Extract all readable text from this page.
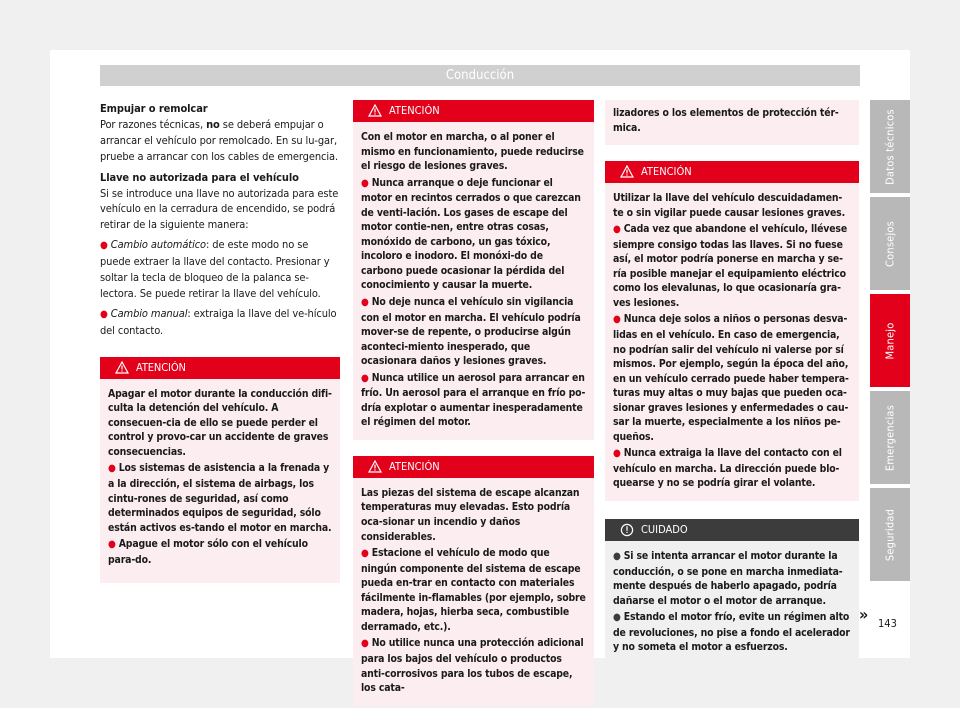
Conducción

Empujar o remolcar

Por razones técnicas, no se deberá empujar o arrancar el vehículo por remolcado. En su lu-gar, pruebe a arrancar con los cables de emergencia.

Llave no autorizada para el vehículo

Si se introduce una llave no autorizada para este vehículo en la cerradura de encendido, se podrá retirar de la siguiente manera:

● Cambio automático: de este modo no se puede extraer la llave del contacto. Presionar y soltar la tecla de bloqueo de la palanca se-lectora. Se puede retirar la llave del vehículo.

● Cambio manual: extraiga la llave del ve-hículo del contacto.

ATENCIÓN

Apagar el motor durante la conducción difi-culta la detención del vehículo. A consecuen-cia de ello se puede perder el control y provo-car un accidente de graves consecuencias.

● Los sistemas de asistencia a la frenada y a la dirección, el sistema de airbags, los cintu-rones de seguridad, así como determinados equipos de seguridad, sólo están activos es-tando el motor en marcha.

● Apague el motor sólo con el vehículo para-do.

ATENCIÓN

Con el motor en marcha, o al poner el mismo en funcionamiento, puede reducirse el riesgo de lesiones graves.

● Nunca arranque o deje funcionar el motor en recintos cerrados o que carezcan de venti-lación. Los gases de escape del motor contie-nen, entre otras cosas, monóxido de carbono, un gas tóxico, incoloro e inodoro. El monóxi-do de carbono puede ocasionar la pérdida del conocimiento y causar la muerte.

● No deje nunca el vehículo sin vigilancia con el motor en marcha. El vehículo podría mover-se de repente, o producirse algún aconteci-miento inesperado, que ocasionara daños y lesiones graves.

● Nunca utilice un aerosol para arrancar en frío. Un aerosol para el arranque en frío po-dría explotar o aumentar inesperadamente el régimen del motor.

ATENCIÓN

Las piezas del sistema de escape alcanzan temperaturas muy elevadas. Esto podría oca-sionar un incendio y daños considerables.

● Estacione el vehículo de modo que ningún componente del sistema de escape pueda en-trar en contacto con materiales fácilmente in-flamables (por ejemplo, sobre madera, hojas, hierba seca, combustible derramado, etc.).

● No utilice nunca una protección adicional para los bajos del vehículo o productos anti-corrosivos para los tubos de escape, los cata-

lizadores o los elementos de protección tér-mica.

ATENCIÓN

Utilizar la llave del vehículo descuidadamen-te o sin vigilar puede causar lesiones graves.

● Cada vez que abandone el vehículo, llévese siempre consigo todas las llaves. Si no fuese así, el motor podría ponerse en marcha y se-ría posible manejar el equipamiento eléctrico como los elevalunas, lo que ocasionaría gra-ves lesiones.

● Nunca deje solos a niños o personas desva-lidas en el vehículo. En caso de emergencia, no podrían salir del vehículo ni valerse por sí mismos. Por ejemplo, según la época del año, en un vehículo cerrado puede haber tempera-turas muy altas o muy bajas que pueden oca-sionar graves lesiones y enfermedades o cau-sar la muerte, especialmente a los niños pe-queños.

● Nunca extraiga la llave del contacto con el vehículo en marcha. La dirección puede blo-quearse y no se podría girar el volante.

CUIDADO

● Si se intenta arrancar el motor durante la conducción, o se pone en marcha inmediata-mente después de haberlo apagado, podría dañarse el motor o el motor de arranque.

● Estando el motor frío, evite un régimen alto de revoluciones, no pise a fondo el acelerador y no someta el motor a esfuerzos.

» 143
Datos técnicos
Consejos
Manejo
Emergencias
Seguridad
